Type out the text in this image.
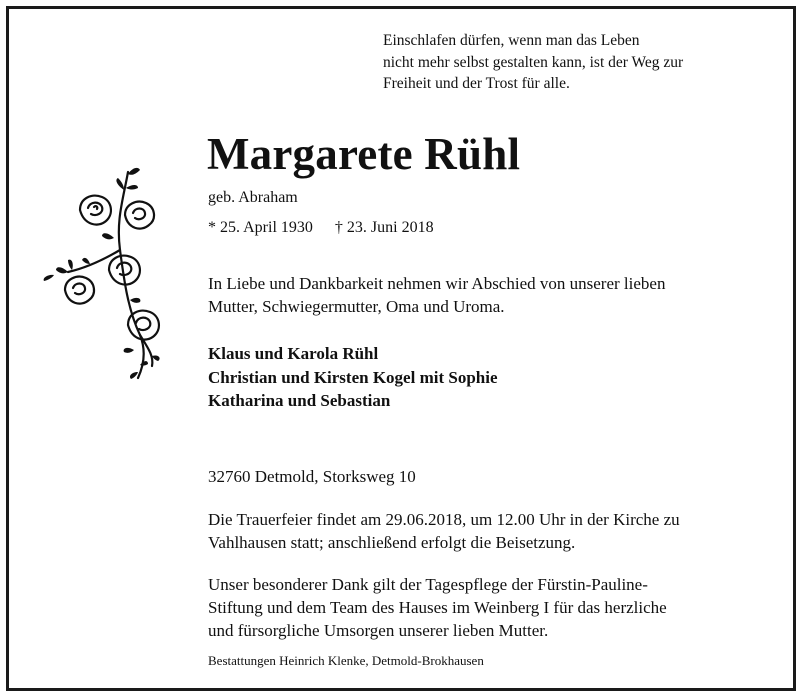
Einschlafen dürfen, wenn man das Leben
nicht mehr selbst gestalten kann, ist der Weg zur
Freiheit und der Trost für alle.
Margarete Rühl
geb. Abraham
* 25. April 1930 † 23. Juni 2018
In Liebe und Dankbarkeit nehmen wir Abschied von unserer lieben
Mutter, Schwiegermutter, Oma und Uroma.
Klaus und Karola Rühl
Christian und Kirsten Kogel mit Sophie
Katharina und Sebastian
32760 Detmold, Storksweg 10
Die Trauerfeier findet am 29.06.2018, um 12.00 Uhr in der Kirche zu
Vahlhausen statt; anschließend erfolgt die Beisetzung.
Unser besonderer Dank gilt der Tagespflege der Fürstin-Pauline-
Stiftung und dem Team des Hauses im Weinberg I für das herzliche
und fürsorgliche Umsorgen unserer lieben Mutter.
Bestattungen Heinrich Klenke, Detmold-Brokhausen
